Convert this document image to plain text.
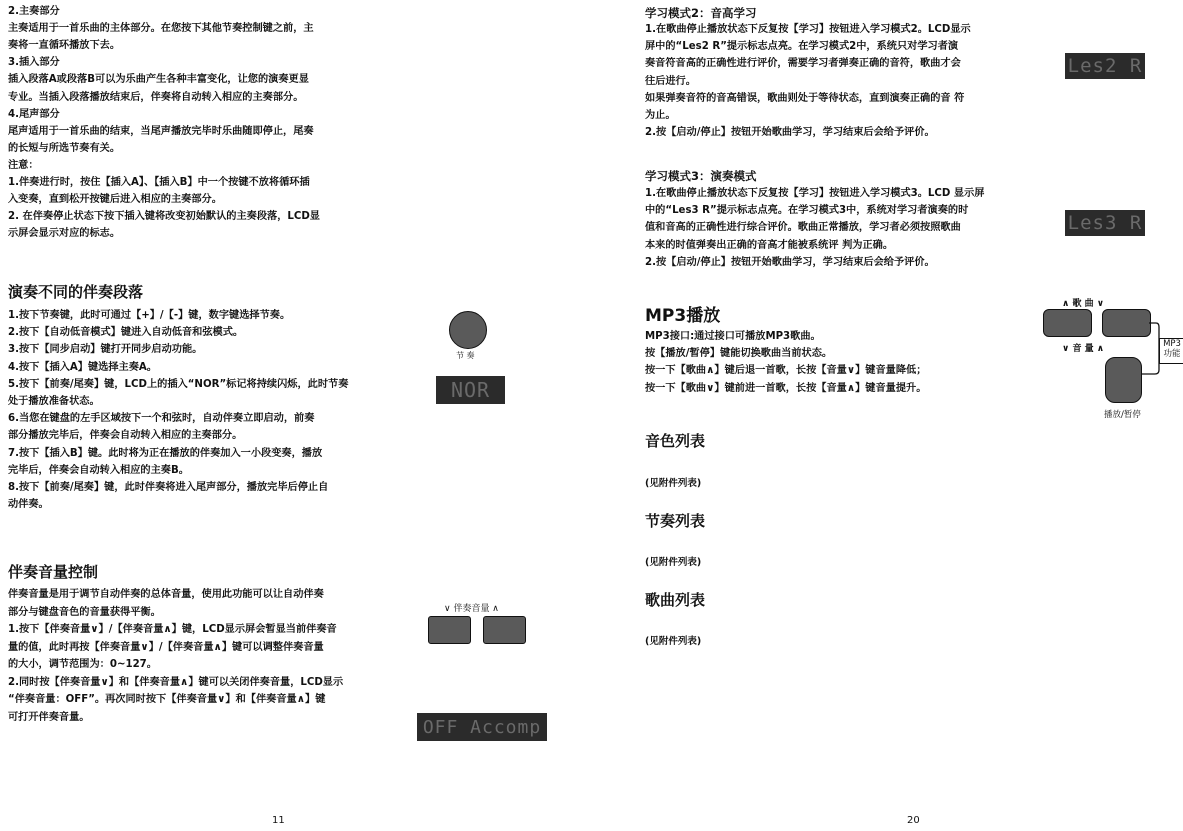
2.主奏部分
主奏适用于一首乐曲的主体部分。在您按下其他节奏控制键之前，主
奏将一直循环播放下去。
3.插入部分
插入段落A或段落B可以为乐曲产生各种丰富变化，让您的演奏更显
专业。当插入段落播放结束后，伴奏将自动转入相应的主奏部分。
4.尾声部分
尾声适用于一首乐曲的结束，当尾声播放完毕时乐曲随即停止，尾奏
的长短与所选节奏有关。
注意：
1.伴奏进行时，按住【插入A】、【插入B】中一个按键不放将循环插
入变奏，直到松开按键后进入相应的主奏部分。
2. 在伴奏停止状态下按下插入键将改变初始默认的主奏段落，LCD显
示屏会显示对应的标志。
演奏不同的伴奏段落
1.按下节奏键，此时可通过【+】/【-】键，数字键选择节奏。
2.按下【自动低音模式】键进入自动低音和弦模式。
3.按下【同步启动】键打开同步启动功能。
4.按下【插入A】键选择主奏A。
5.按下【前奏/尾奏】键，LCD上的插入“NOR”标记将持续闪烁，此时节奏
处于播放准备状态。
6.当您在键盘的左手区域按下一个和弦时，自动伴奏立即启动，前奏
部分播放完毕后，伴奏会自动转入相应的主奏部分。
7.按下【插入B】键。此时将为正在播放的伴奏加入一小段变奏，播放
完毕后，伴奏会自动转入相应的主奏B。
8.按下【前奏/尾奏】键，此时伴奏将进入尾声部分，播放完毕后停止自
动伴奏。
节 奏
NOR
伴奏音量控制
伴奏音量是用于调节自动伴奏的总体音量，使用此功能可以让自动伴奏
部分与键盘音色的音量获得平衡。
1.按下【伴奏音量∨】/【伴奏音量∧】键，LCD显示屏会暂显当前伴奏音
量的值，此时再按【伴奏音量∨】/【伴奏音量∧】键可以调整伴奏音量
的大小，调节范围为：0~127。
2.同时按【伴奏音量∨】和【伴奏音量∧】键可以关闭伴奏音量，LCD显示
“伴奏音量：OFF”。再次同时按下【伴奏音量∨】和【伴奏音量∧】键
可打开伴奏音量。
∨ 伴奏音量 ∧
OFF Accomp
11
学习模式2：音高学习
1.在歌曲停止播放状态下反复按【学习】按钮进入学习模式2。LCD显示
屏中的“Les2 R”提示标志点亮。在学习模式2中，系统只对学习者演
奏音符音高的正确性进行评价，需要学习者弹奏正确的音符，歌曲才会
往后进行。
如果弹奏音符的音高错误，歌曲则处于等待状态，直到演奏正确的音 符
为止。
2.按【启动/停止】按钮开始歌曲学习，学习结束后会给予评价。
Les2 R
学习模式3：演奏模式
1.在歌曲停止播放状态下反复按【学习】按钮进入学习模式3。LCD 显示屏
中的“Les3 R”提示标志点亮。在学习模式3中，系统对学习者演奏的时
值和音高的正确性进行综合评价。歌曲正常播放，学习者必须按照歌曲
本来的时值弹奏出正确的音高才能被系统评 判为正确。
2.按【启动/停止】按钮开始歌曲学习，学习结束后会给予评价。
Les3 R
MP3播放
MP3接口:通过接口可播放MP3歌曲。
按【播放/暂停】键能切换歌曲当前状态。
按一下【歌曲∧】键后退一首歌，长按【音量∨】键音量降低；
按一下【歌曲∨】键前进一首歌，长按【音量∧】键音量提升。
∧ 歌 曲 ∨
∨ 音 量 ∧	MP3
功能
播放/暂停
音色列表
(见附件列表)
节奏列表
(见附件列表)
歌曲列表
(见附件列表)
20
